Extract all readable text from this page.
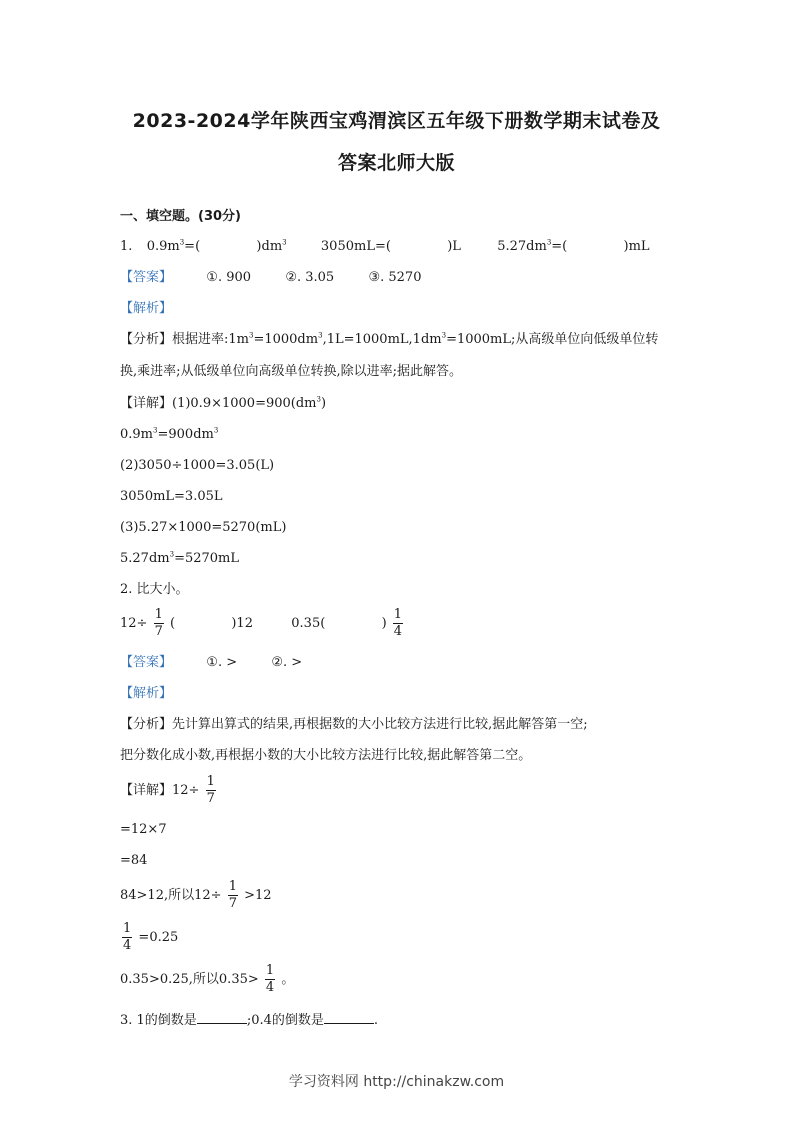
2023-2024学年陕西宝鸡渭滨区五年级下册数学期末试卷及
答案北师大版
一、填空题。(30分)
1. $0.9m^3=$(	)$dm^3$	3050mL=(	)L	$5.27dm^3=$(	)mL
【答案】	①. 900	②. 3.05	③. 5270
【解析】
【分析】根据进率$:1m^3=1000dm^3,1L=1000mL,1dm^3=1000mL$;从高级单位向低级单位转
换,乘进率;从低级单位向高级单位转换,除以进率;据此解答。
【详解】$(1)0.9\times 1000=900(dm^3)$
$0.9m^3=900dm^3$
(2)3050÷1000=3.05(L)
3050mL=3.05L
(3)5.27×1000=5270(mL)
$5.27dm^3=5270mL$
2. 比大小。
$12\div \frac{1}{7}$ (	)12	0.35(	) $\frac{1}{4}$
【答案】	①. >	②. >
【解析】
【分析】先计算出算式的结果,再根据数的大小比较方法进行比较,据此解答第一空;
把分数化成小数,再根据小数的大小比较方法进行比较,据此解答第二空。
【详解】$12\div \frac{1}{7}$
=12×7
=84
84>12,所以$12\div \frac{1}{7} >12$
$\frac{1}{4} =0.25$
0.35>0.25,所以$0.35> \frac{1}{4}$ 。
3. 1的倒数是	;0.4的倒数是	.
学习资料网 http://chinakzw.com
